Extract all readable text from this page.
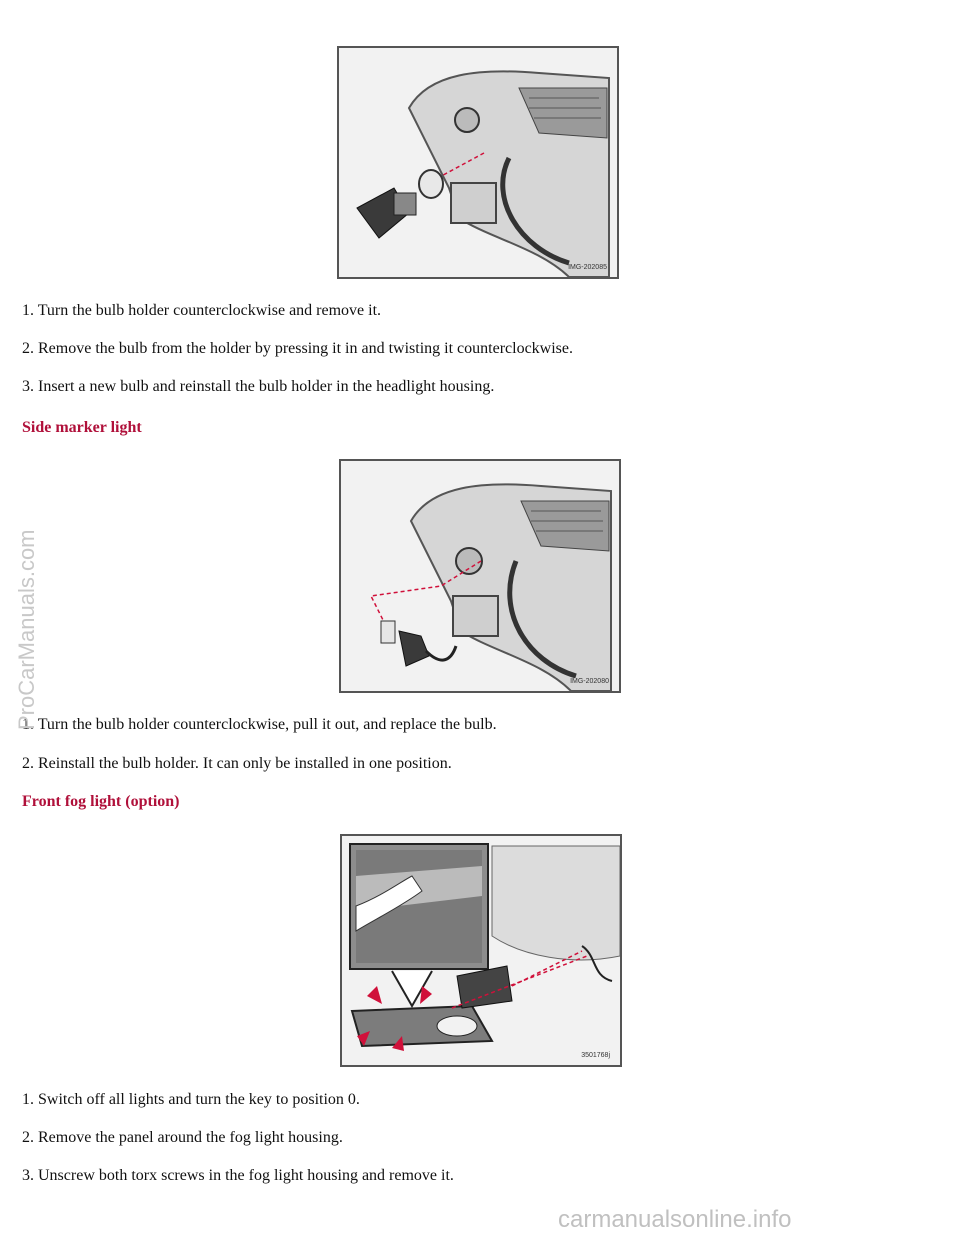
IMG-202085

1. Turn the bulb holder counterclockwise and remove it.

2. Remove the bulb from the holder by pressing it in and twisting it counterclockwise.

3. Insert a new bulb and reinstall the bulb holder in the headlight housing.

Side marker light
IMG-202080

1. Turn the bulb holder counterclockwise, pull it out, and replace the bulb.

2. Reinstall the bulb holder. It can only be installed in one position.

Front fog light (option)
3501768j

1. Switch off all lights and turn the key to position 0.

2. Remove the panel around the fog light housing.

3. Unscrew both torx screws in the fog light housing and remove it.

ProCarManuals.com
carmanualsonline.info
